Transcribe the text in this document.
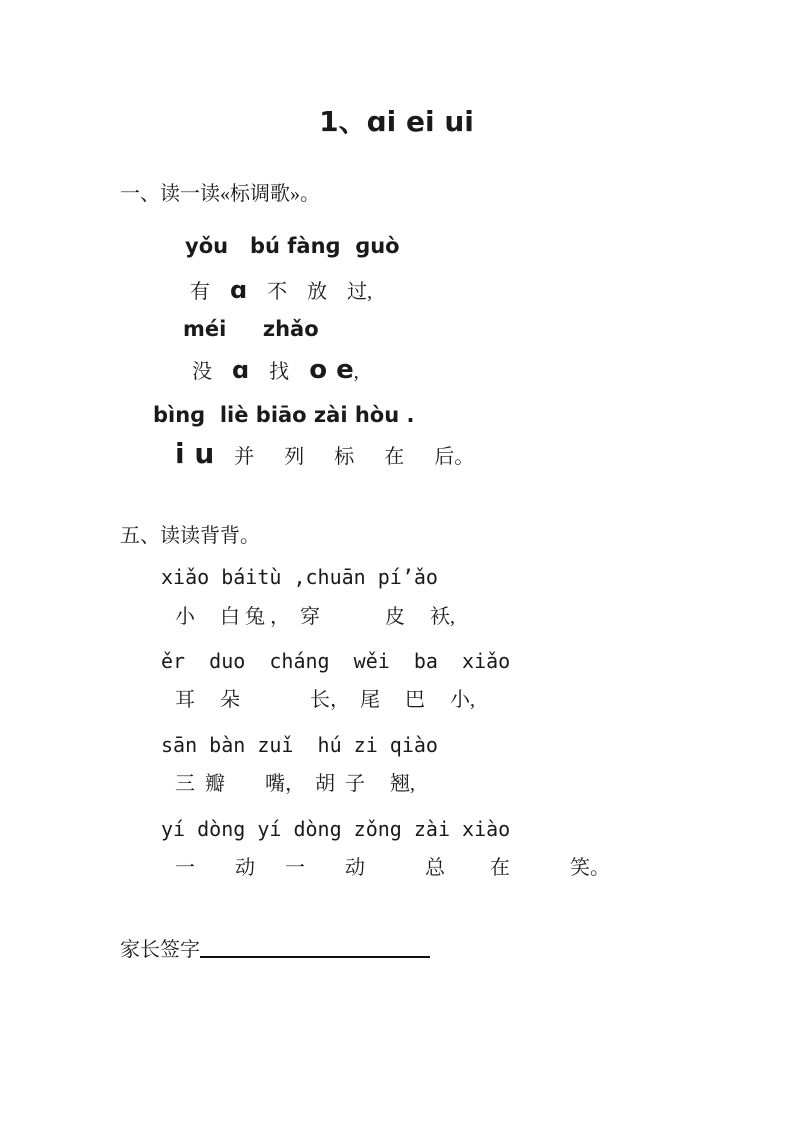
1、ɑi ei ui
一、读一读«标调歌»。
yǒu   bú fànɡ  ɡuò
有　ɑ　不　放　过,
méi     zhǎo
没　ɑ　找　o e,
bìnɡ  liè biāo zài hòu .
i u　并　  列　  标　  在　  后。
五、读读背背。
xiǎo báitù ,chuān pí’ǎo
小　 白 兔 ，  穿　　　 皮　 袄,
ěr  duo  cháng  wěi  ba  xiǎo
耳　 朵　　　  长，　尾　 巴　 小,
sān bàn zuǐ  hú zi qiào
三  瓣　　嘴，  胡  子　 翘,
yí dòng yí dòng zǒng zài xiào
一　　动　  一　　动　　　总　　 在　　　笑。
家长签字
